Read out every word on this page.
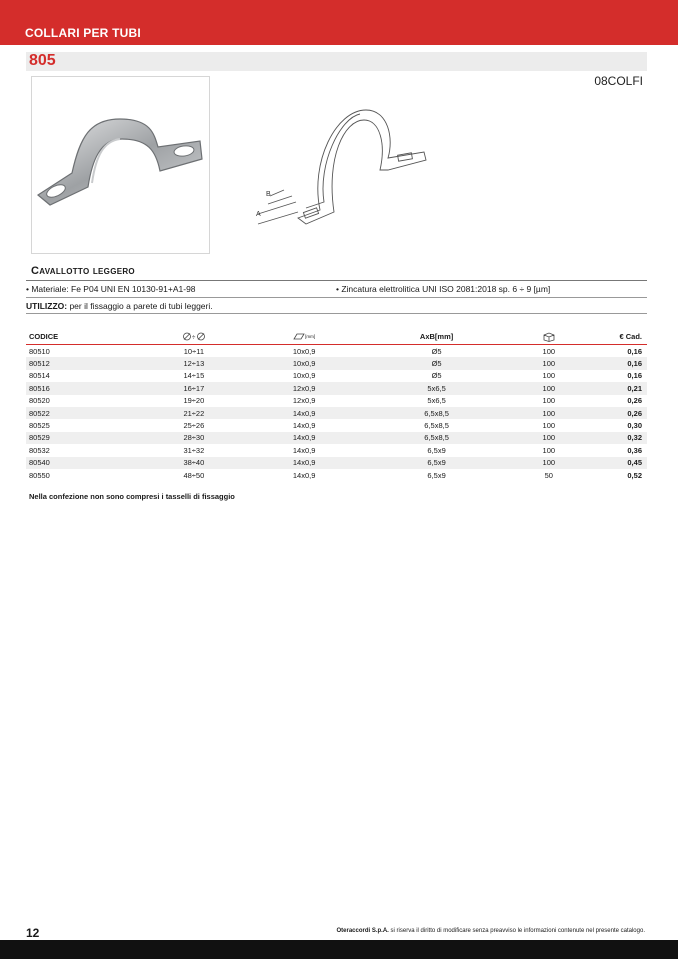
COLLARI PER TUBI
805
08COLFI
A
B
Cavallotto leggero
• Materiale: Fe P04 UNI EN 10130-91+A1-98	• Zincatura elettrolitica UNI ISO 2081:2018 sp. 6 ÷ 9 [µm]
UTILIZZO: per il fissaggio a parete di tubi leggeri.
CODICE	÷	[mm]	AxB[mm]		€ Cad.
80510	10÷11	10x0,9	Ø5	100	0,16
80512	12÷13	10x0,9	Ø5	100	0,16
80514	14÷15	10x0,9	Ø5	100	0,16
80516	16÷17	12x0,9	5x6,5	100	0,21
80520	19÷20	12x0,9	5x6,5	100	0,26
80522	21÷22	14x0,9	6,5x8,5	100	0,26
80525	25÷26	14x0,9	6,5x8,5	100	0,30
80529	28÷30	14x0,9	6,5x8,5	100	0,32
80532	31÷32	14x0,9	6,5x9	100	0,36
80540	38÷40	14x0,9	6,5x9	100	0,45
80550	48÷50	14x0,9	6,5x9	50	0,52
Nella confezione non sono compresi i tasselli di fissaggio
12	Oteraccordi S.p.A. si riserva il diritto di modificare senza preavviso le informazioni contenute nel presente catalogo.
